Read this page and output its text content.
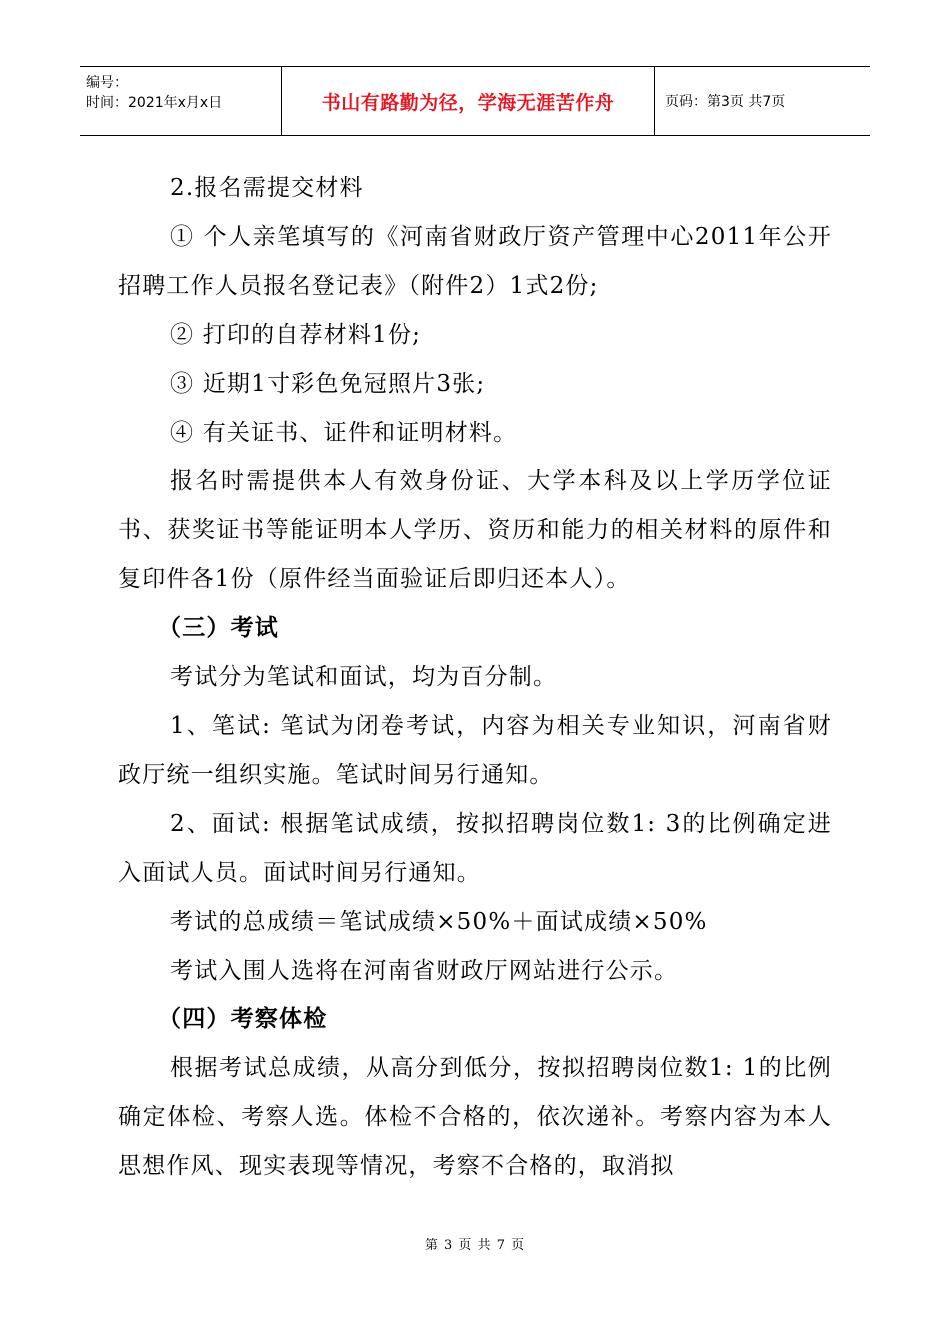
编号：
时间：2021年x月x日	书山有路勤为径，学海无涯苦作舟	页码：第3页 共7页

2.报名需提交材料

① 个人亲笔填写的《河南省财政厅资产管理中心2011年公开招聘工作人员报名登记表》（附件2）1式2份;

② 打印的自荐材料1份;

③ 近期1寸彩色免冠照片3张;

④ 有关证书、证件和证明材料。

报名时需提供本人有效身份证、大学本科及以上学历学位证书、获奖证书等能证明本人学历、资历和能力的相关材料的原件和复印件各1份（原件经当面验证后即归还本人）。

（三）考试

考试分为笔试和面试，均为百分制。

1、笔试: 笔试为闭卷考试，内容为相关专业知识，河南省财政厅统一组织实施。笔试时间另行通知。

2、面试: 根据笔试成绩，按拟招聘岗位数1: 3的比例确定进入面试人员。面试时间另行通知。

考试的总成绩＝笔试成绩×50%＋面试成绩×50%

考试入围人选将在河南省财政厅网站进行公示。

（四）考察体检

根据考试总成绩，从高分到低分，按拟招聘岗位数1: 1的比例确定体检、考察人选。体检不合格的，依次递补。考察内容为本人思想作风、现实表现等情况，考察不合格的，取消拟

第 3 页 共 7 页
